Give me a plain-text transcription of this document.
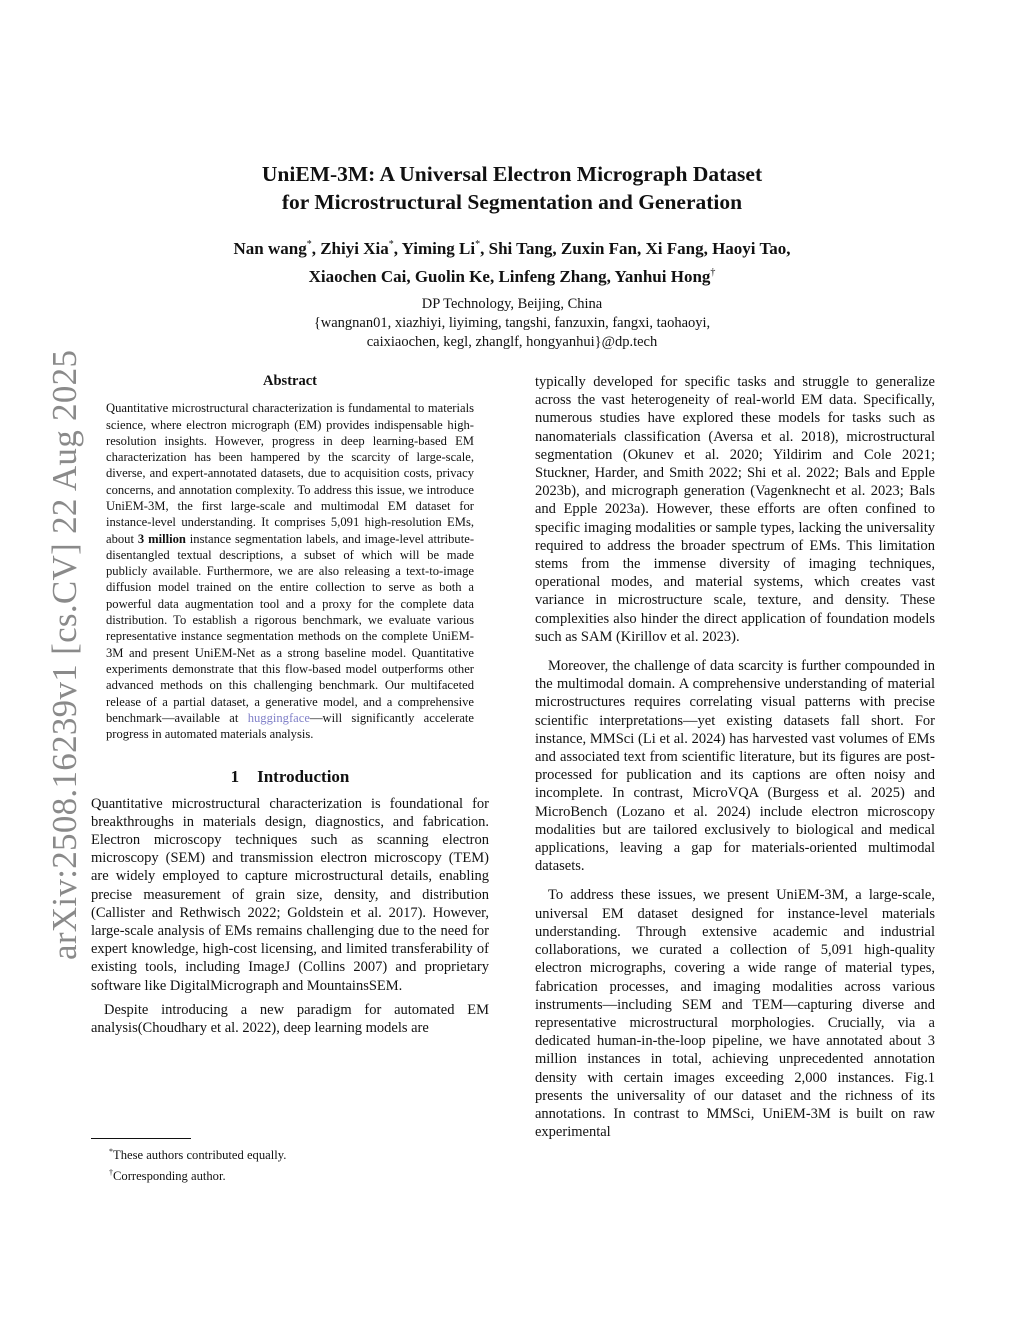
arXiv:2508.16239v1 [cs.CV] 22 Aug 2025
UniEM-3M: A Universal Electron Micrograph Dataset
for Microstructural Segmentation and Generation
Nan wang*, Zhiyi Xia*, Yiming Li*, Shi Tang, Zuxin Fan, Xi Fang, Haoyi Tao,
Xiaochen Cai, Guolin Ke, Linfeng Zhang, Yanhui Hong†
DP Technology, Beijing, China
{wangnan01, xiazhiyi, liyiming, tangshi, fanzuxin, fangxi, taohaoyi,
caixiaochen, kegl, zhanglf, hongyanhui}@dp.tech
Abstract

Quantitative microstructural characterization is fundamental to materials science, where electron micrograph (EM) provides indispensable high-resolution insights. However, progress in deep learning-based EM characterization has been hampered by the scarcity of large-scale, diverse, and expert-annotated datasets, due to acquisition costs, privacy concerns, and annotation complexity. To address this issue, we introduce UniEM-3M, the first large-scale and multimodal EM dataset for instance-level understanding. It comprises 5,091 high-resolution EMs, about 3 million instance segmentation labels, and image-level attribute-disentangled textual descriptions, a subset of which will be made publicly available. Furthermore, we are also releasing a text-to-image diffusion model trained on the entire collection to serve as both a powerful data augmentation tool and a proxy for the complete data distribution. To establish a rigorous benchmark, we evaluate various representative instance segmentation methods on the complete UniEM-3M and present UniEM-Net as a strong baseline model. Quantitative experiments demonstrate that this flow-based model outperforms other advanced methods on this challenging benchmark. Our multifaceted release of a partial dataset, a generative model, and a comprehensive benchmark—available at huggingface—will significantly accelerate progress in automated materials analysis.

1 Introduction

Quantitative microstructural characterization is foundational for breakthroughs in materials design, diagnostics, and fabrication. Electron microscopy techniques such as scanning electron microscopy (SEM) and transmission electron microscopy (TEM) are widely employed to capture microstructural details, enabling precise measurement of grain size, density, and distribution (Callister and Rethwisch 2022; Goldstein et al. 2017). However, large-scale analysis of EMs remains challenging due to the need for expert knowledge, high-cost licensing, and limited transferability of existing tools, including ImageJ (Collins 2007) and proprietary software like DigitalMicrograph and MountainsSEM.

Despite introducing a new paradigm for automated EM analysis(Choudhary et al. 2022), deep learning models are

*These authors contributed equally.
†Corresponding author.

typically developed for specific tasks and struggle to generalize across the vast heterogeneity of real-world EM data. Specifically, numerous studies have explored these models for tasks such as nanomaterials classification (Aversa et al. 2018), microstructural segmentation (Okunev et al. 2020; Yildirim and Cole 2021; Stuckner, Harder, and Smith 2022; Shi et al. 2022; Bals and Epple 2023b), and micrograph generation (Vagenknecht et al. 2023; Bals and Epple 2023a). However, these efforts are often confined to specific imaging modalities or sample types, lacking the universality required to address the broader spectrum of EMs. This limitation stems from the immense diversity of imaging techniques, operational modes, and material systems, which creates vast variance in microstructure scale, texture, and density. These complexities also hinder the direct application of foundation models such as SAM (Kirillov et al. 2023).

Moreover, the challenge of data scarcity is further compounded in the multimodal domain. A comprehensive understanding of material microstructures requires correlating visual patterns with precise scientific interpretations—yet existing datasets fall short. For instance, MMSci (Li et al. 2024) has harvested vast volumes of EMs and associated text from scientific literature, but its figures are post-processed for publication and its captions are often noisy and incomplete. In contrast, MicroVQA (Burgess et al. 2025) and MicroBench (Lozano et al. 2024) include electron microscopy modalities but are tailored exclusively to biological and medical applications, leaving a gap for materials-oriented multimodal datasets.

To address these issues, we present UniEM-3M, a large-scale, universal EM dataset designed for instance-level materials understanding. Through extensive academic and industrial collaborations, we curated a collection of 5,091 high-quality electron micrographs, covering a wide range of material types, fabrication processes, and imaging modalities across various instruments—including SEM and TEM—capturing diverse and representative microstructural morphologies. Crucially, via a dedicated human-in-the-loop pipeline, we have annotated about 3 million instances in total, achieving unprecedented annotation density with certain images exceeding 2,000 instances. Fig.1 presents the universality of our dataset and the richness of its annotations. In contrast to MMSci, UniEM-3M is built on raw experimental
